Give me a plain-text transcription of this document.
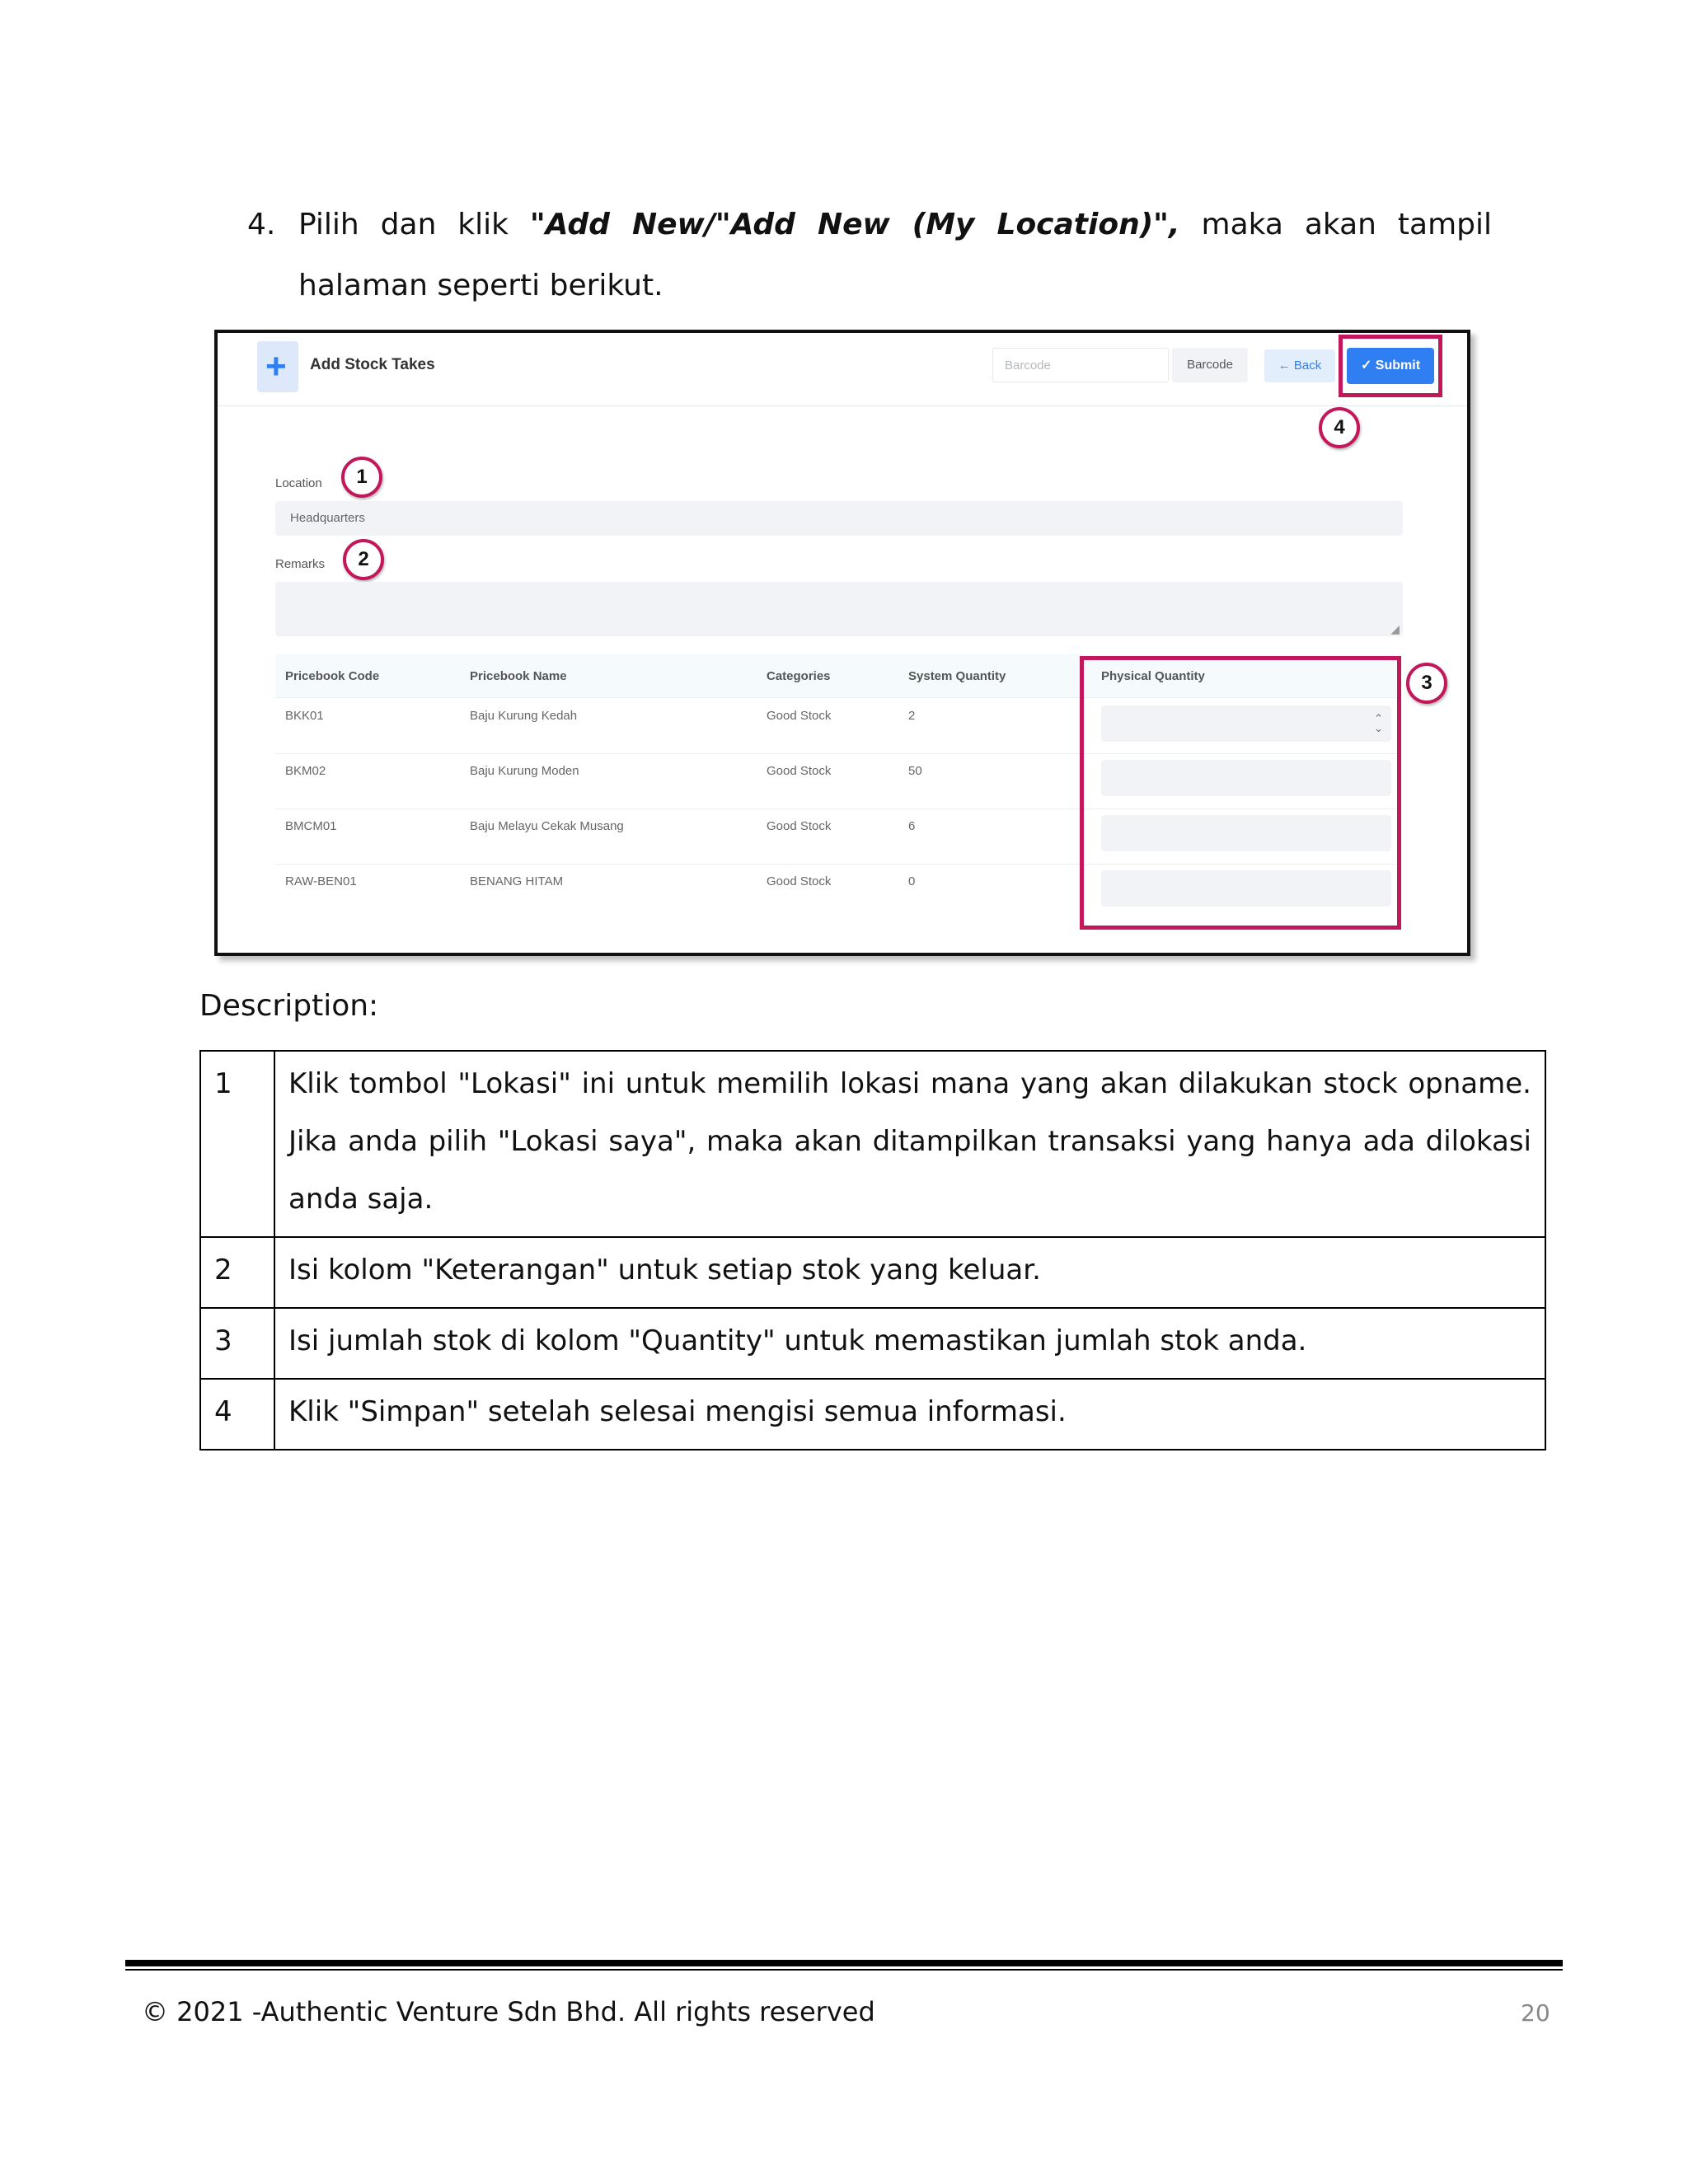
4. Pilih dan klik "Add New/"Add New (My Location)", maka akan tampil halaman seperti berikut.
+ Add Stock Takes	Barcode	Barcode	← Back	✓ Submit
4
Location	1
Headquarters
Remarks	2
◢
Pricebook Code	Pricebook Name	Categories	System Quantity	Physical Quantity
BKK01	Baju Kurung Kedah	Good Stock	2	⌃
⌄
BKM02	Baju Kurung Moden	Good Stock	50
BMCM01	Baju Melayu Cekak Musang	Good Stock	6
RAW-BEN01	BENANG HITAM	Good Stock	0
3
Description:
1	Klik tombol "Lokasi" ini untuk memilih lokasi mana yang akan dilakukan stock opname. Jika anda pilih "Lokasi saya", maka akan ditampilkan transaksi yang hanya ada dilokasi anda saja.
2	Isi kolom "Keterangan" untuk setiap stok yang keluar.
3	Isi jumlah stok di kolom "Quantity" untuk memastikan jumlah stok anda.
4	Klik "Simpan" setelah selesai mengisi semua informasi.
© 2021 -Authentic Venture Sdn Bhd. All rights reserved	20
